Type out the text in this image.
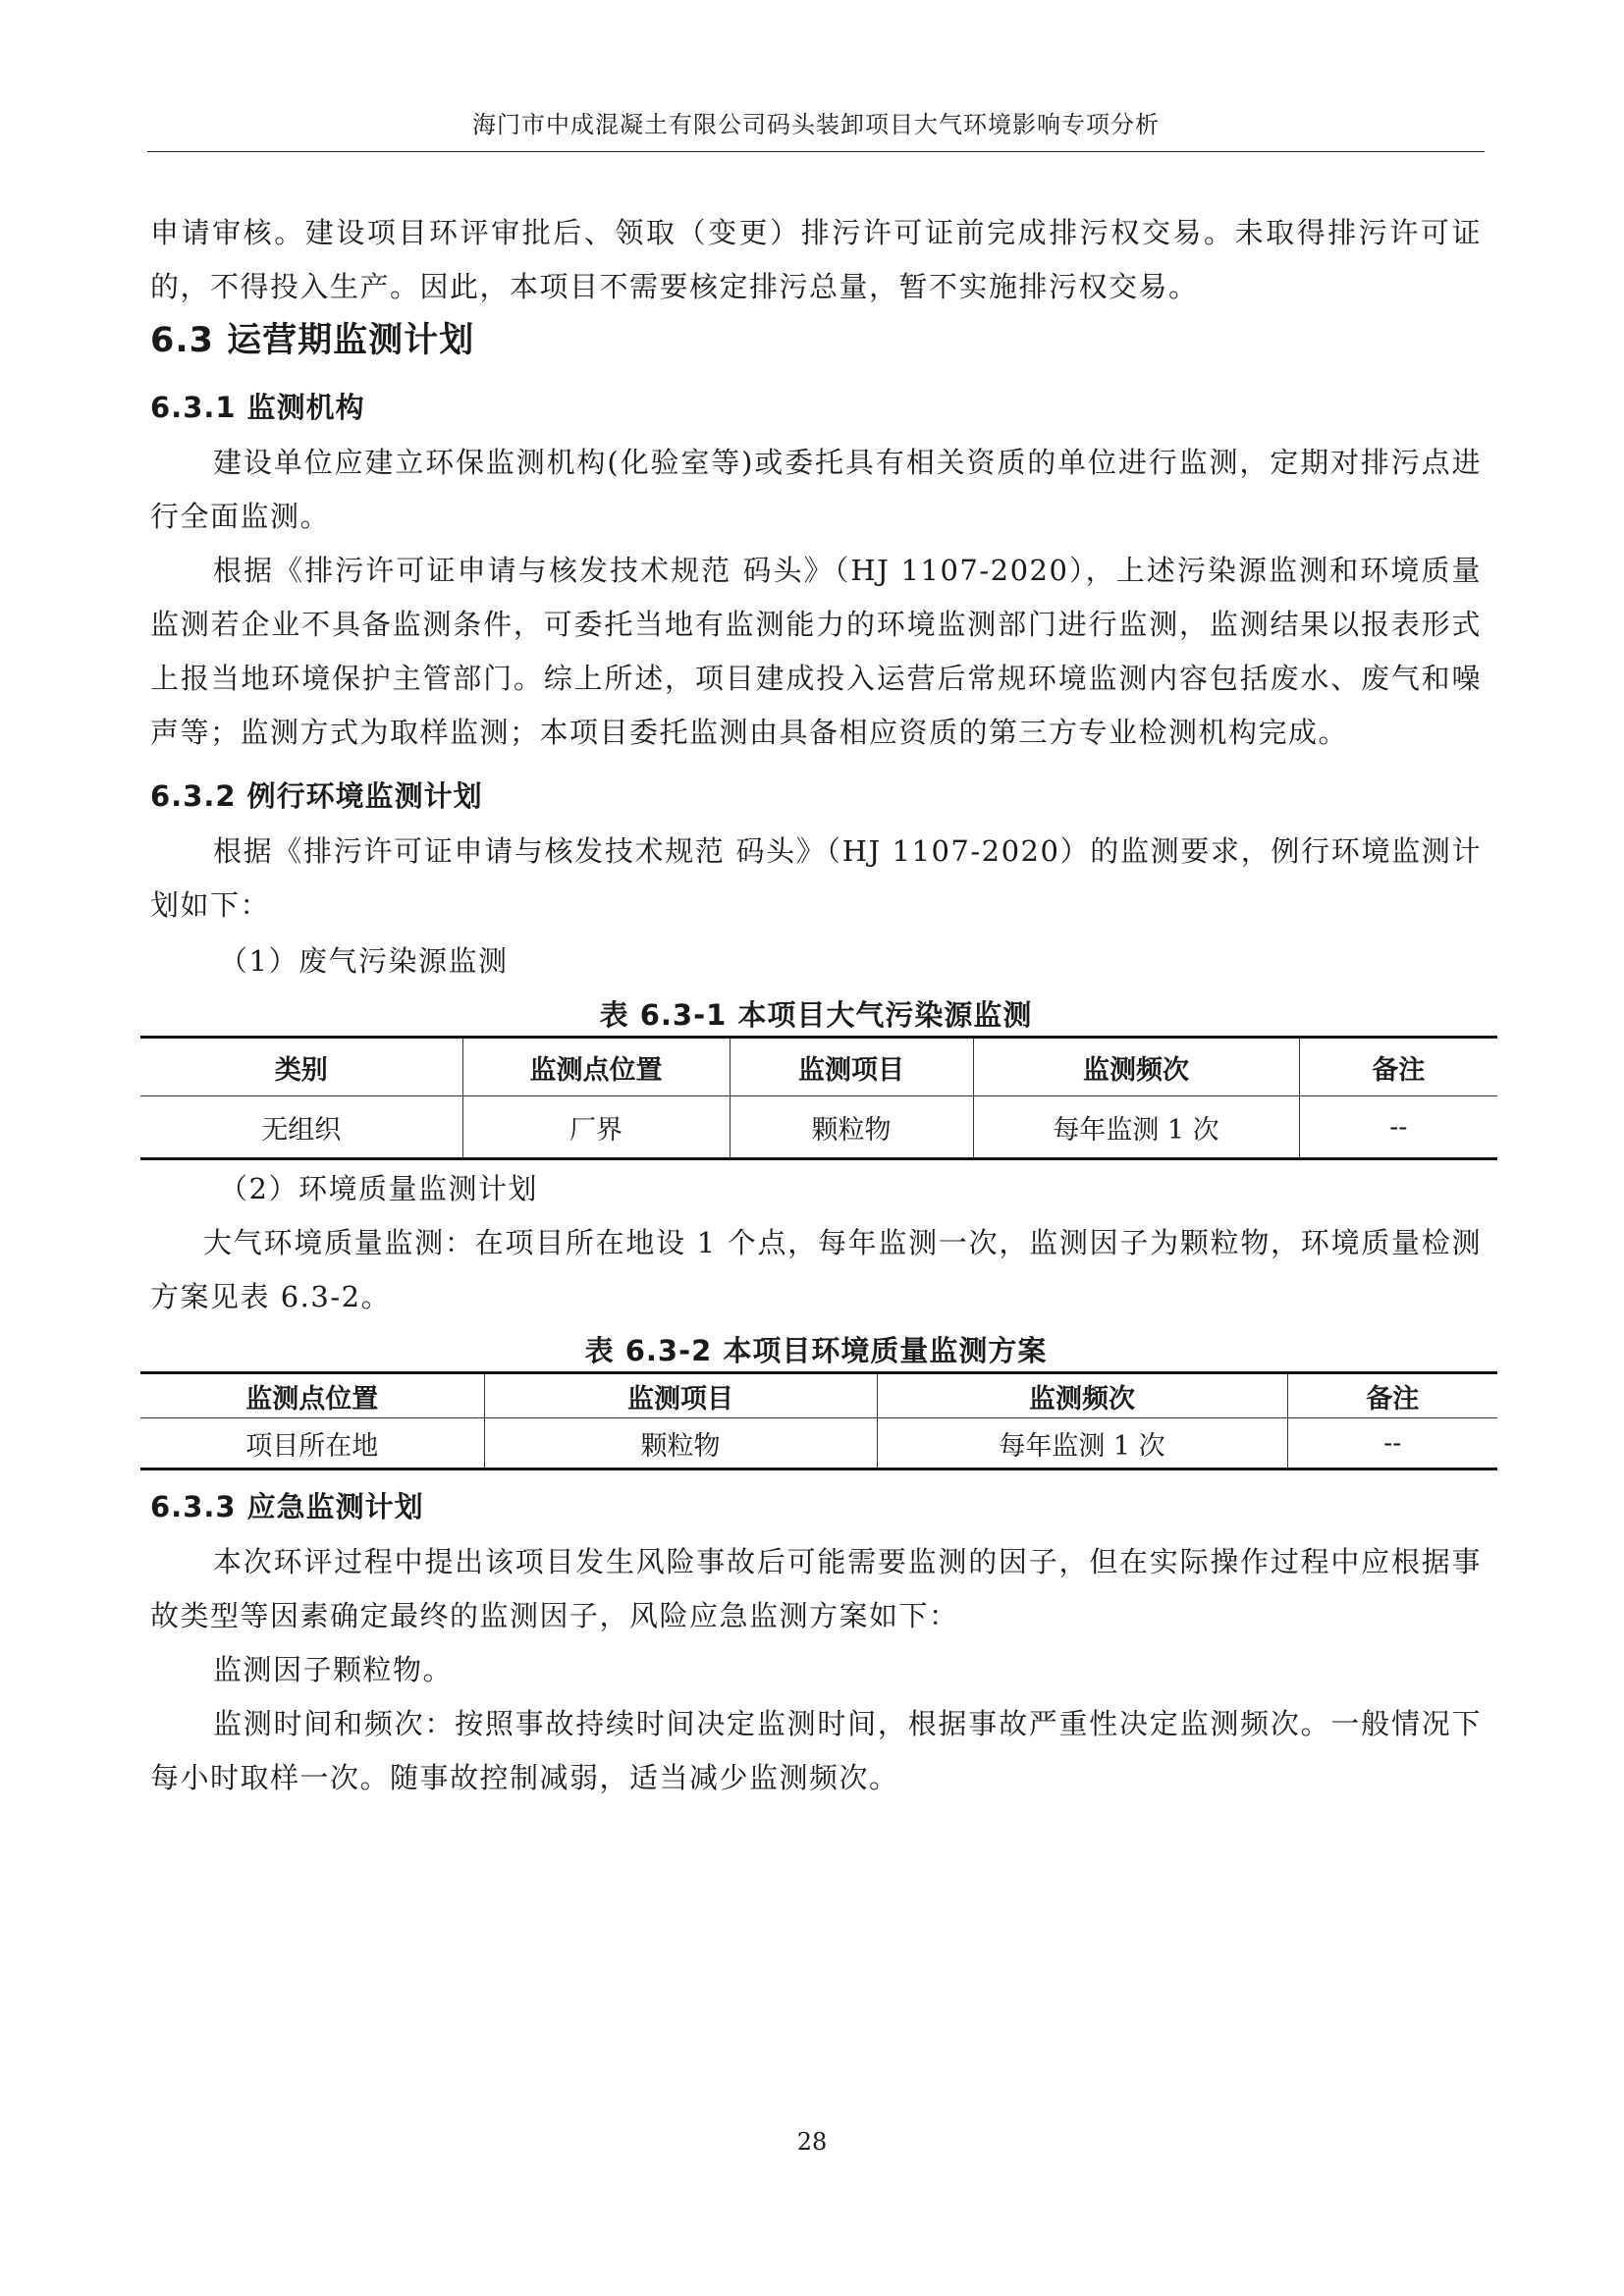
海门市中成混凝土有限公司码头装卸项目大气环境影响专项分析

申请审核。建设项目环评审批后、领取（变更）排污许可证前完成排污权交易。未取得排污许可证的，不得投入生产。因此，本项目不需要核定排污总量，暂不实施排污权交易。

6.3 运营期监测计划
6.3.1 监测机构

建设单位应建立环保监测机构(化验室等)或委托具有相关资质的单位进行监测，定期对排污点进行全面监测。

根据《排污许可证申请与核发技术规范 码头》（HJ 1107-2020），上述污染源监测和环境质量监测若企业不具备监测条件，可委托当地有监测能力的环境监测部门进行监测，监测结果以报表形式上报当地环境保护主管部门。综上所述，项目建成投入运营后常规环境监测内容包括废水、废气和噪声等；监测方式为取样监测；本项目委托监测由具备相应资质的第三方专业检测机构完成。

6.3.2 例行环境监测计划

根据《排污许可证申请与核发技术规范 码头》（HJ 1107-2020）的监测要求，例行环境监测计划如下：

（1）废气污染源监测

表 6.3-1 本项目大气污染源监测
类别	监测点位置	监测项目	监测频次	备注
无组织	厂界	颗粒物	每年监测 1 次	--

（2）环境质量监测计划

大气环境质量监测：在项目所在地设 1 个点，每年监测一次，监测因子为颗粒物，环境质量检测方案见表 6.3-2。

表 6.3-2 本项目环境质量监测方案
监测点位置	监测项目	监测频次	备注
项目所在地	颗粒物	每年监测 1 次	--
6.3.3 应急监测计划

本次环评过程中提出该项目发生风险事故后可能需要监测的因子，但在实际操作过程中应根据事故类型等因素确定最终的监测因子，风险应急监测方案如下：

监测因子颗粒物。

监测时间和频次：按照事故持续时间决定监测时间，根据事故严重性决定监测频次。一般情况下每小时取样一次。随事故控制减弱，适当减少监测频次。

28
